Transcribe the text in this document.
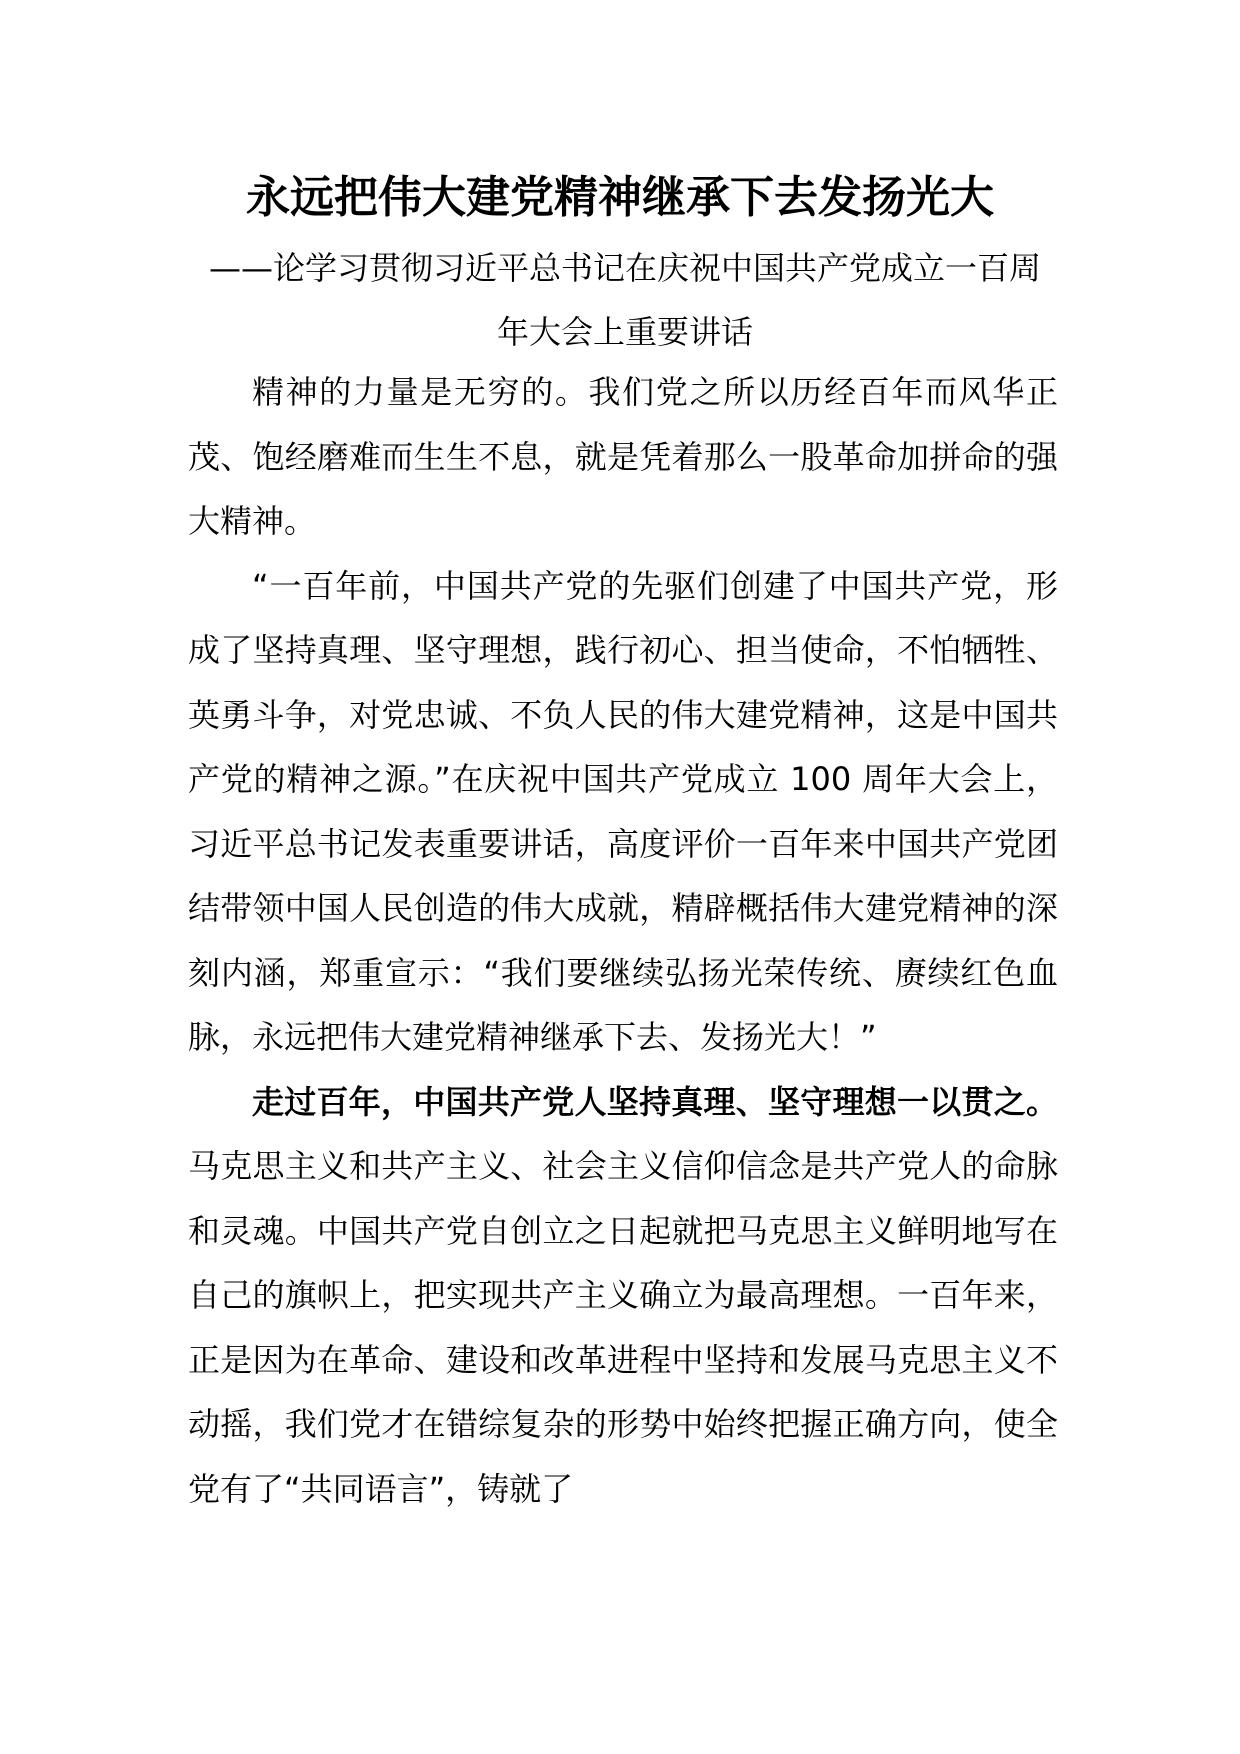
永远把伟大建党精神继承下去发扬光大
——论学习贯彻习近平总书记在庆祝中国共产党成立一百周年大会上重要讲话

精神的力量是无穷的。我们党之所以历经百年而风华正茂、饱经磨难而生生不息，就是凭着那么一股革命加拼命的强大精神。

“一百年前，中国共产党的先驱们创建了中国共产党，形成了坚持真理、坚守理想，践行初心、担当使命，不怕牺牲、英勇斗争，对党忠诚、不负人民的伟大建党精神，这是中国共产党的精神之源。”在庆祝中国共产党成立 100 周年大会上，习近平总书记发表重要讲话，高度评价一百年来中国共产党团结带领中国人民创造的伟大成就，精辟概括伟大建党精神的深刻内涵，郑重宣示：“我们要继续弘扬光荣传统、赓续红色血脉，永远把伟大建党精神继承下去、发扬光大！”

走过百年，中国共产党人坚持真理、坚守理想一以贯之。马克思主义和共产主义、社会主义信仰信念是共产党人的命脉和灵魂。中国共产党自创立之日起就把马克思主义鲜明地写在自己的旗帜上，把实现共产主义确立为最高理想。一百年来，正是因为在革命、建设和改革进程中坚持和发展马克思主义不动摇，我们党才在错综复杂的形势中始终把握正确方向，使全党有了“共同语言”，铸就了
